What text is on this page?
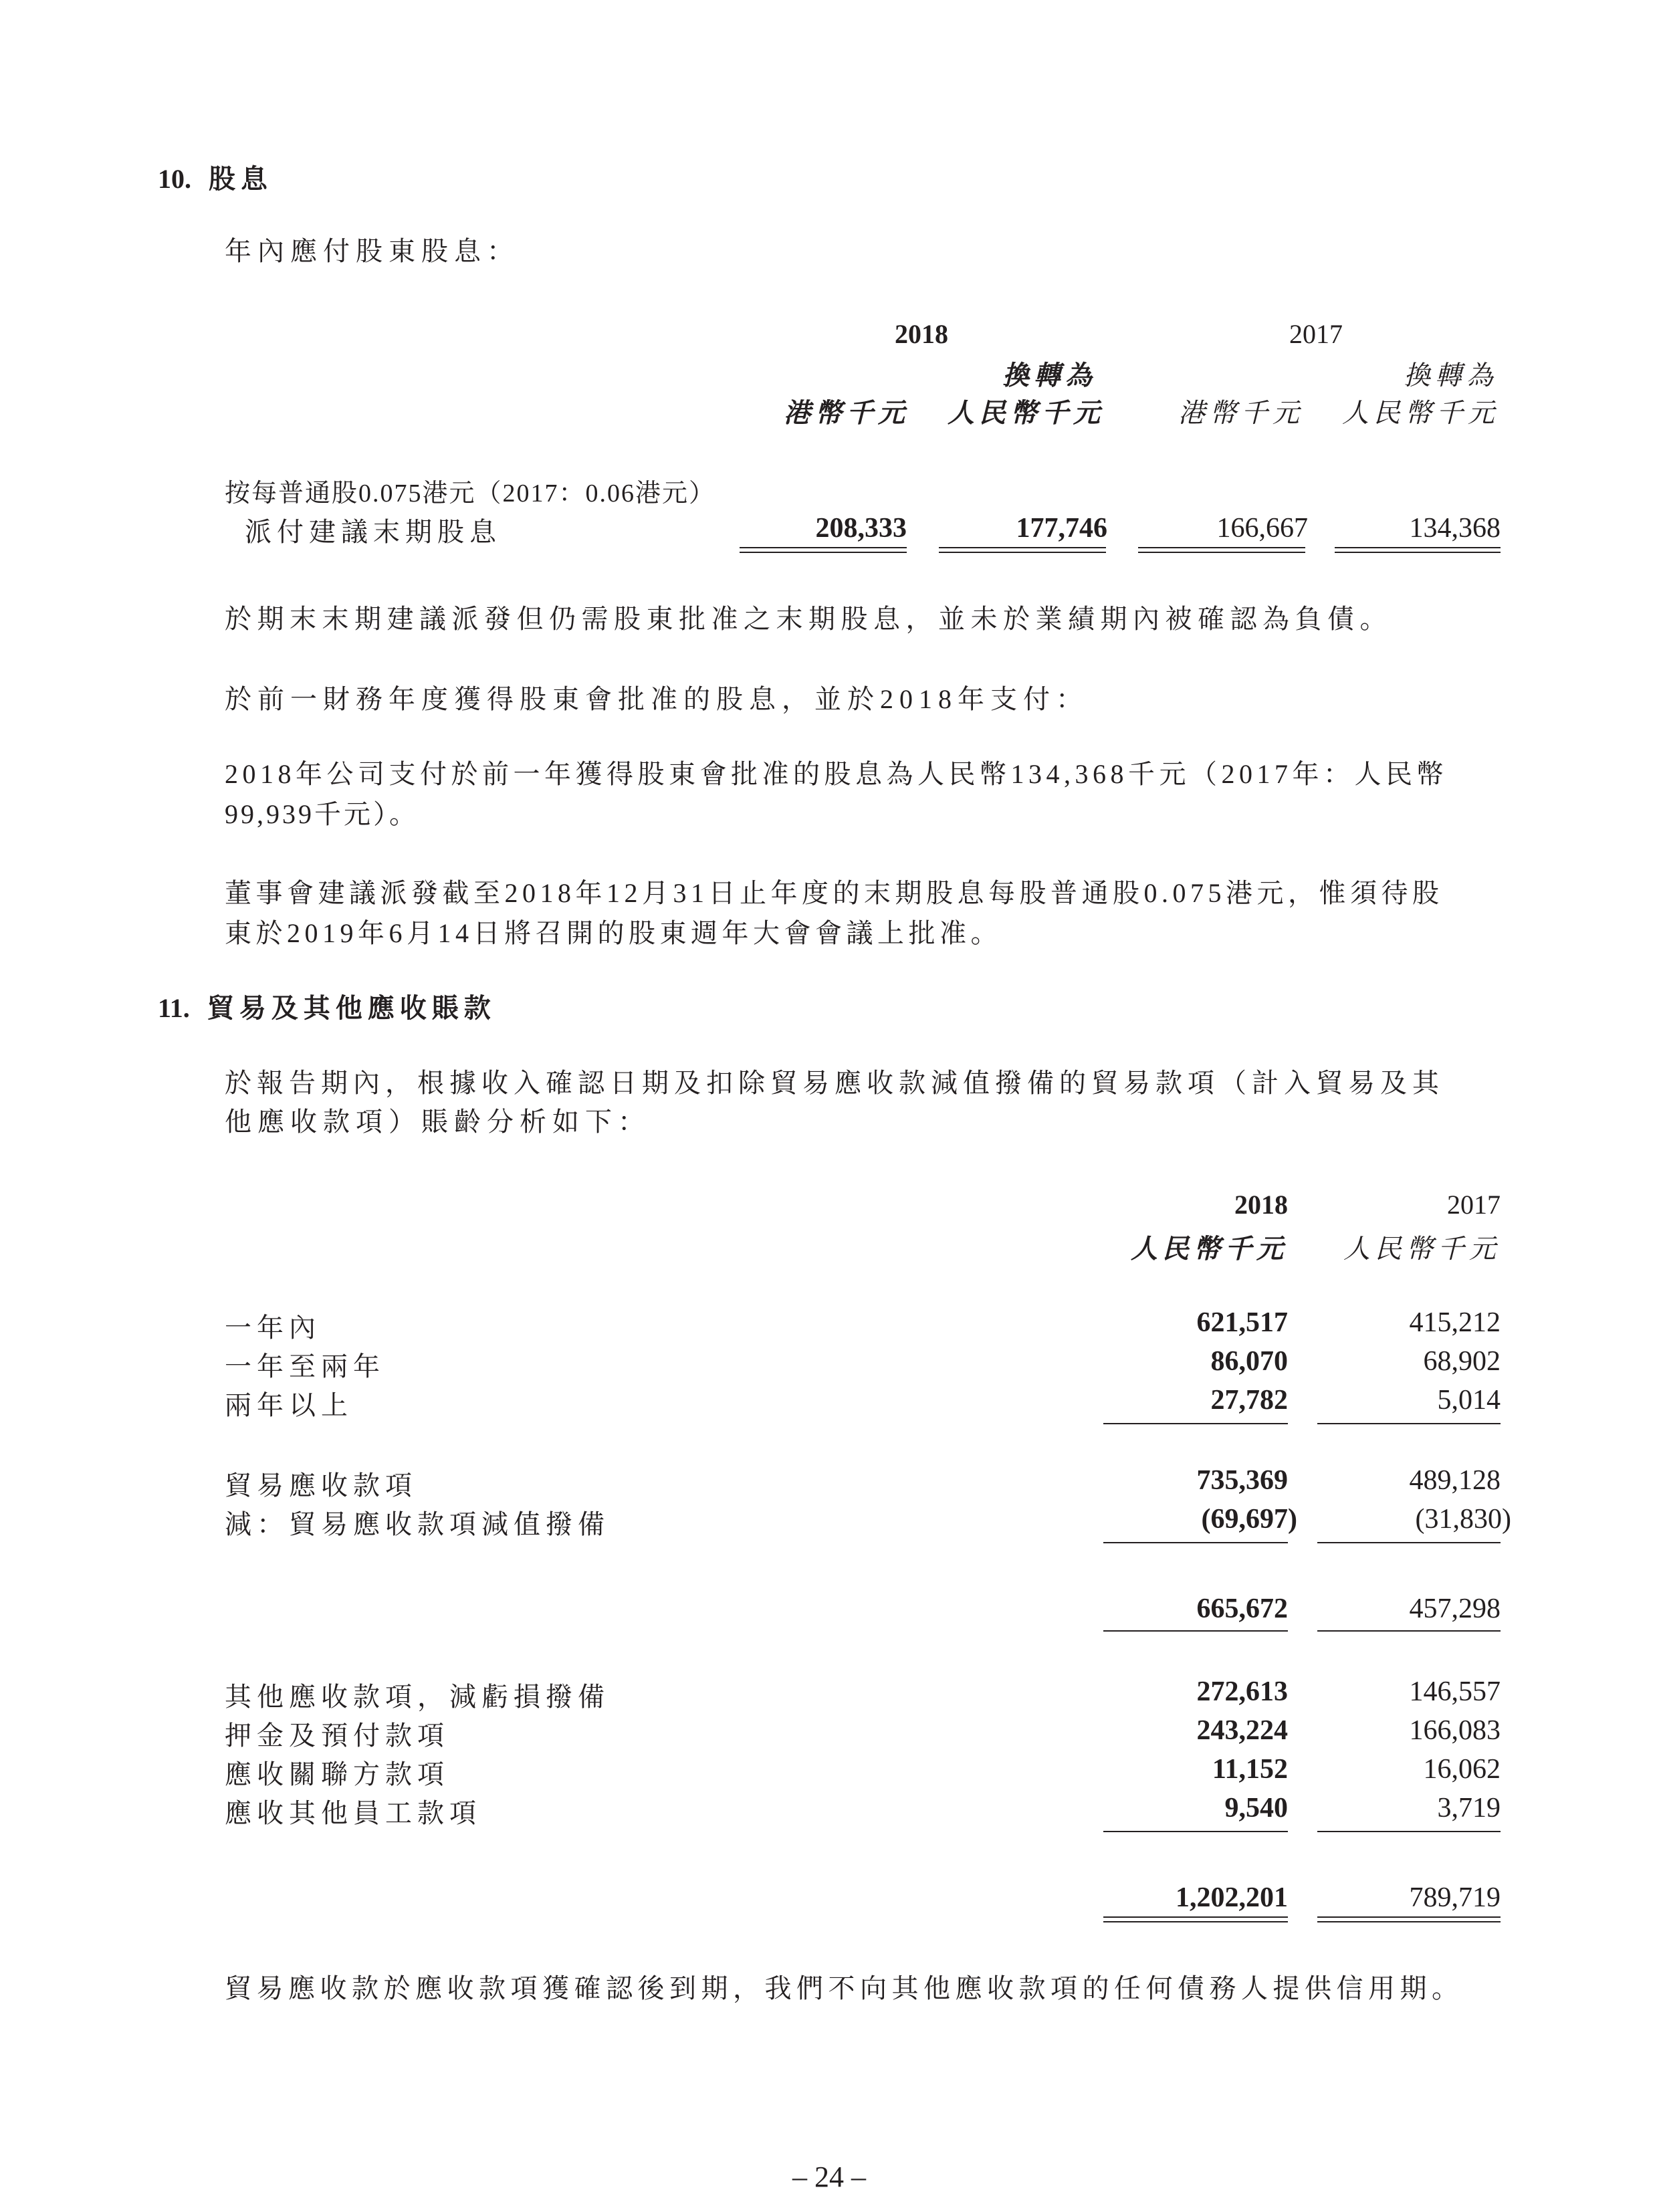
10. 股息
年內應付股東股息：
2018	2017
換轉為	換轉為
港幣千元	人民幣千元	港幣千元	人民幣千元
按每普通股0.075港元（2017：0.06港元）
派付建議末期股息	208,333	177,746	166,667	134,368
於期末末期建議派發但仍需股東批准之末期股息，並未於業績期內被確認為負債。
於前一財務年度獲得股東會批准的股息，並於2018年支付：
2018年公司支付於前一年獲得股東會批准的股息為人民幣134,368千元（2017年：人民幣
99,939千元）。
董事會建議派發截至2018年12月31日止年度的末期股息每股普通股0.075港元，惟須待股
東於2019年6月14日將召開的股東週年大會會議上批准。
11. 貿易及其他應收賬款
於報告期內，根據收入確認日期及扣除貿易應收款減值撥備的貿易款項（計入貿易及其
他應收款項）賬齡分析如下：
2018	2017
人民幣千元	人民幣千元
一年內	621,517	415,212
一年至兩年	86,070	68,902
兩年以上	27,782	5,014
貿易應收款項	735,369	489,128
減：貿易應收款項減值撥備	(69,697)	(31,830)
665,672	457,298
其他應收款項，減虧損撥備	272,613	146,557
押金及預付款項	243,224	166,083
應收關聯方款項	11,152	16,062
應收其他員工款項	9,540	3,719
1,202,201	789,719
貿易應收款於應收款項獲確認後到期，我們不向其他應收款項的任何債務人提供信用期。
– 24 –
